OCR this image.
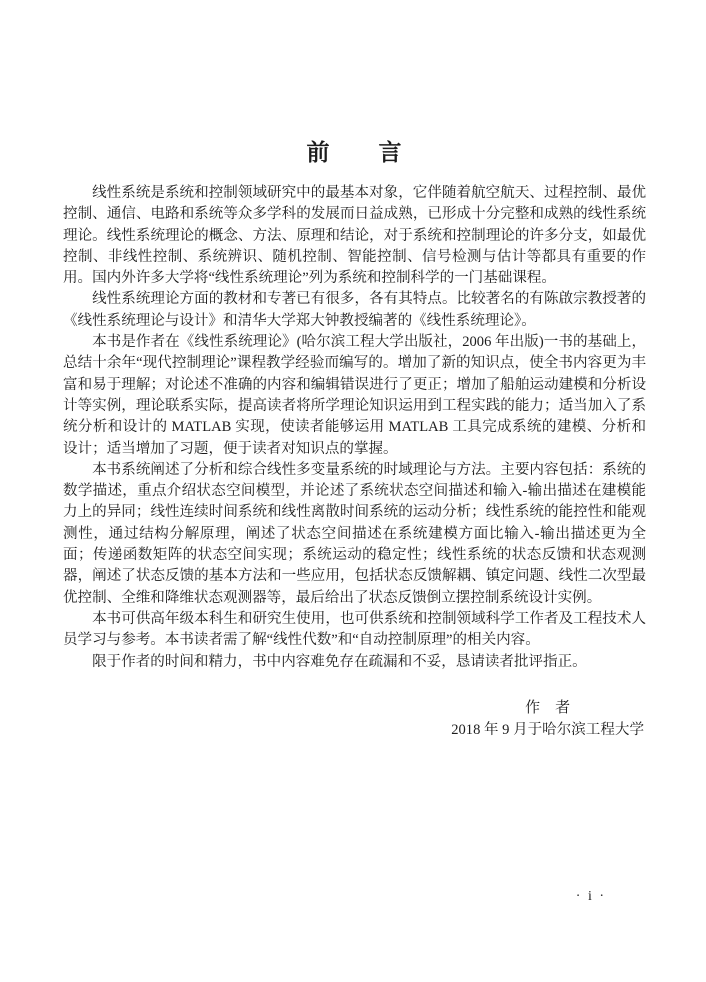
前　　言

线性系统是系统和控制领域研究中的最基本对象，它伴随着航空航天、过程控制、最优控制、通信、电路和系统等众多学科的发展而日益成熟，已形成十分完整和成熟的线性系统理论。线性系统理论的概念、方法、原理和结论，对于系统和控制理论的许多分支，如最优控制、非线性控制、系统辨识、随机控制、智能控制、信号检测与估计等都具有重要的作用。国内外许多大学将“线性系统理论”列为系统和控制科学的一门基础课程。

线性系统理论方面的教材和专著已有很多，各有其特点。比较著名的有陈啟宗教授著的《线性系统理论与设计》和清华大学郑大钟教授编著的《线性系统理论》。

本书是作者在《线性系统理论》(哈尔滨工程大学出版社，2006 年出版)一书的基础上，总结十余年“现代控制理论”课程教学经验而编写的。增加了新的知识点，使全书内容更为丰富和易于理解；对论述不准确的内容和编辑错误进行了更正；增加了船舶运动建模和分析设计等实例，理论联系实际，提高读者将所学理论知识运用到工程实践的能力；适当加入了系统分析和设计的 MATLAB 实现，使读者能够运用 MATLAB 工具完成系统的建模、分析和设计；适当增加了习题，便于读者对知识点的掌握。

本书系统阐述了分析和综合线性多变量系统的时域理论与方法。主要内容包括：系统的数学描述，重点介绍状态空间模型，并论述了系统状态空间描述和输入-输出描述在建模能力上的异同；线性连续时间系统和线性离散时间系统的运动分析；线性系统的能控性和能观测性，通过结构分解原理，阐述了状态空间描述在系统建模方面比输入-输出描述更为全面；传递函数矩阵的状态空间实现；系统运动的稳定性；线性系统的状态反馈和状态观测器，阐述了状态反馈的基本方法和一些应用，包括状态反馈解耦、镇定问题、线性二次型最优控制、全维和降维状态观测器等，最后给出了状态反馈倒立摆控制系统设计实例。

本书可供高年级本科生和研究生使用，也可供系统和控制领域科学工作者及工程技术人员学习与参考。本书读者需了解“线性代数”和“自动控制原理”的相关内容。

限于作者的时间和精力，书中内容难免存在疏漏和不妥，恳请读者批评指正。

作　者
2018 年 9 月于哈尔滨工程大学
· i ·
